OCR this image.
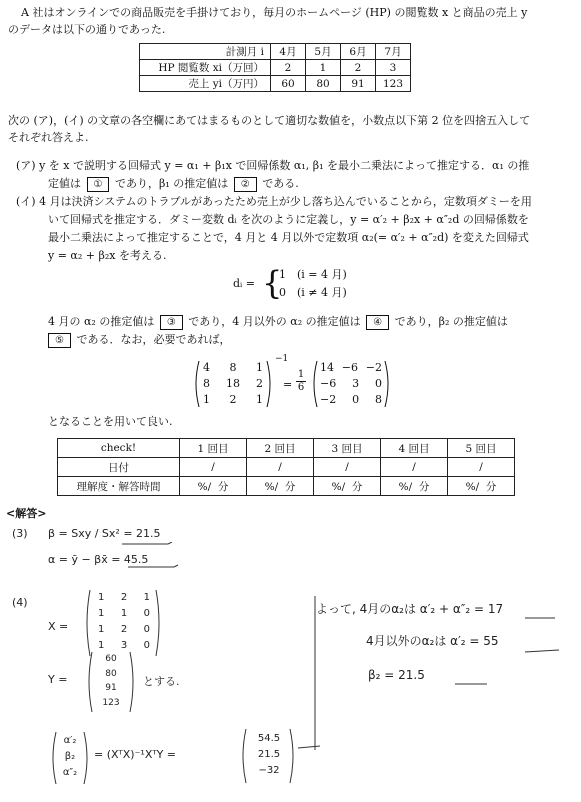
A 社はオンラインでの商品販売を手掛けており，毎月のホームページ (HP) の閲覧数 x と商品の売上 y
のデータは以下の通りであった.
計測月 i	4月	5月	6月	7月
HP 閲覧数 xi（万回）	2	1	2	3
売上 yi（万円）	60	80	91	123
次の (ア)，(イ) の文章の各空欄にあてはまるものとして適切な数値を，小数点以下第 2 位を四捨五入して
それぞれ答えよ.
(ア) y を x で説明する回帰式 y = α₁ + β₁x で回帰係数 α₁, β₁ を最小二乗法によって推定する．α₁ の推
定値は ① であり，β₁ の推定値は ② である.
(イ) 4 月は決済システムのトラブルがあったため売上が少し落ち込んでいることから，定数項ダミーを用
いて回帰式を推定する．ダミー変数 dᵢ を次のように定義し，y = α′₂ + β₂x + α″₂d の回帰係数を
最小二乗法によって推定することで，4 月と 4 月以外で定数項 α₂(= α′₂ + α″₂d) を変えた回帰式
y = α₂ + β₂x を考える.
dᵢ = {
1　(i = 4 月)
0　(i ≠ 4 月)
4 月の α₂ の推定値は ③ であり，4 月以外の α₂ の推定値は ④ であり，β₂ の推定値は
⑤ である．なお，必要であれば，
4 8 1
8 18 2
1 2 1
−1
= $\frac{1}{6}$
14 −6 −2
−6 3 0
−2 0 8
となることを用いて良い.
check!	1 回目	2 回目	3 回目	4 回目	5 回目
日付	/	/	/	/	/
理解度・解答時間	%/ 分	%/ 分	%/ 分	%/ 分	%/ 分
<解答>
(3) β = Sxy / Sx² = 21.5
α = ȳ − βx̄ = 45.5
(4)
X =
1 2 1
1 1 0
1 2 0
1 3 0
Y =
60
80
91
123
とする.
α′₂
β₂
α″₂
= (XᵀX)⁻¹XᵀY =
54.5
21.5
−32
よって, 4月のα₂は α′₂ + α″₂ = 17
4月以外のα₂は α′₂ = 55
β₂ = 21.5
